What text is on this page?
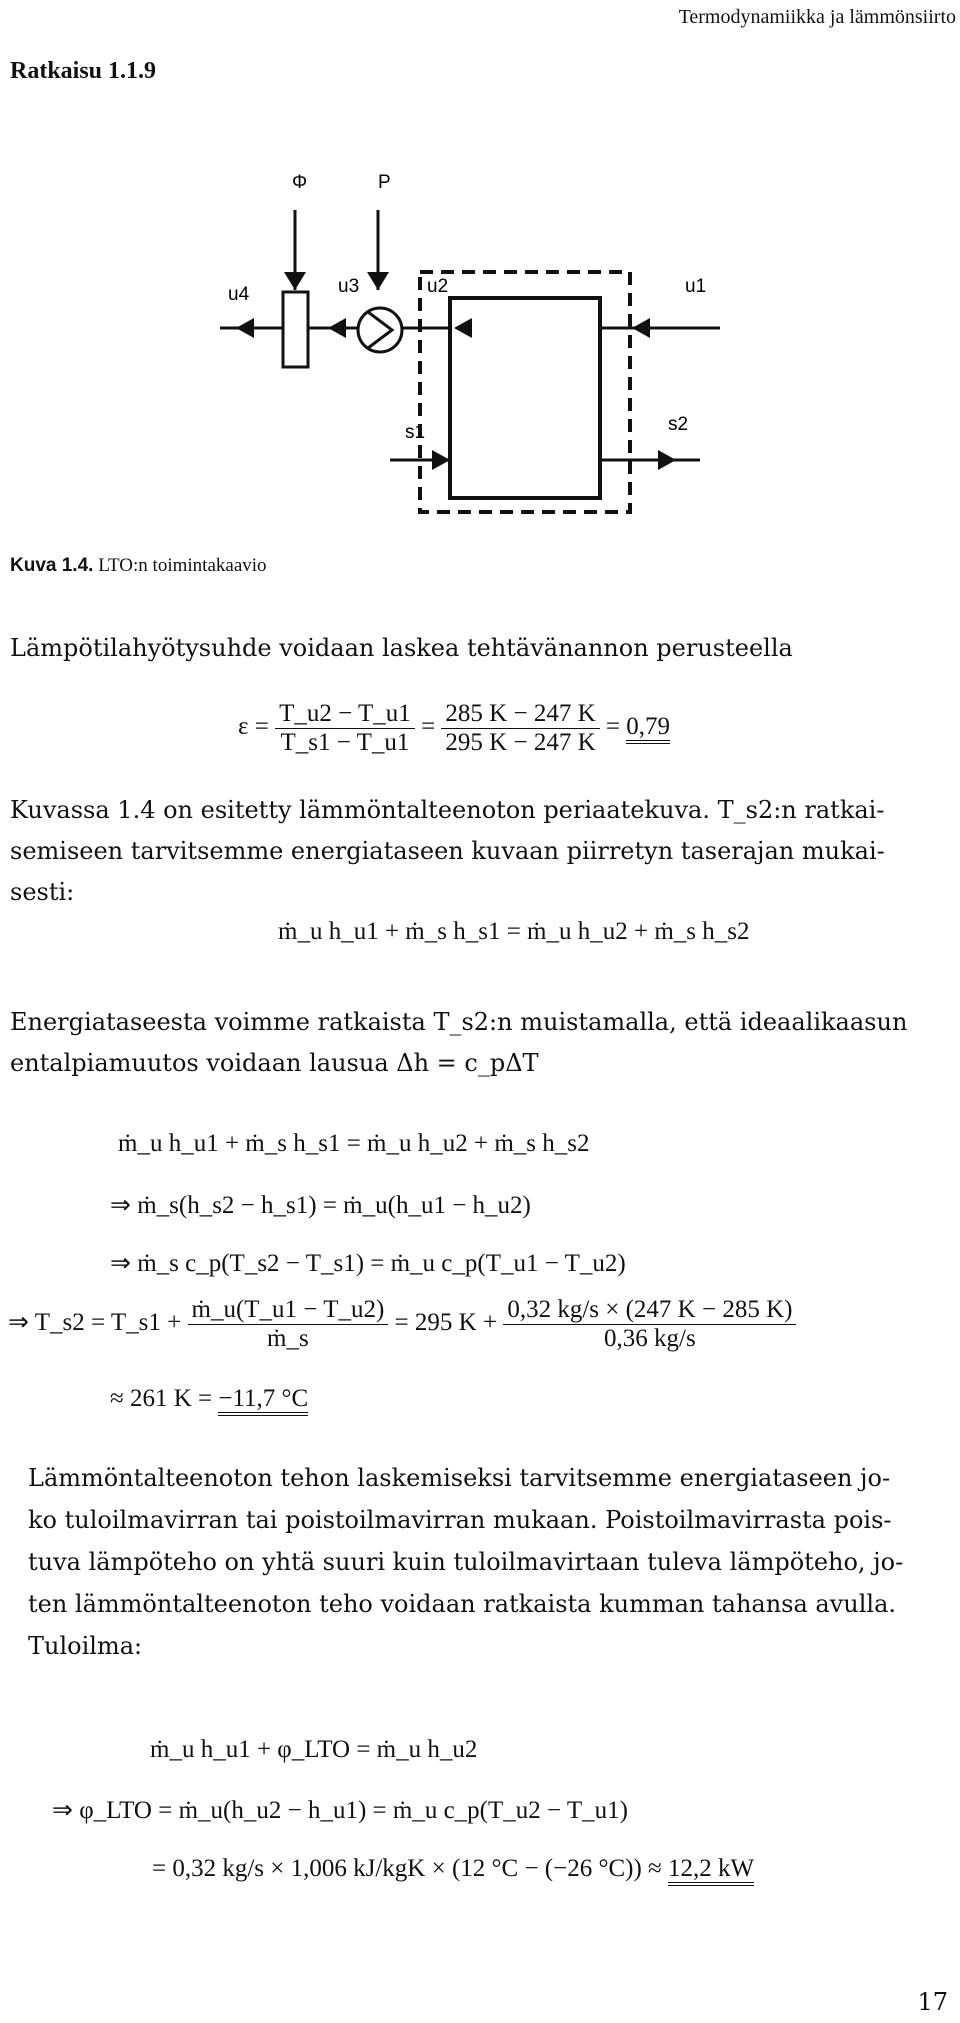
Termodynamiikka ja lämmönsiirto
Ratkaisu 1.1.9
Φ	P
u4	u3	u2	u1
s1	s2
Kuva 1.4. LTO:n toimintakaavio
Lämpötilahyötysuhde voidaan laskea tehtävänannon perusteella
$\varepsilon = \frac{T\_u2 - T\_u1}{T\_s1 - T\_u1} = \frac{285 K - 247 K}{295 K - 247 K} = 0,79$
Kuvassa 1.4 on esitetty lämmöntalteenoton periaatekuva. T_s2:n ratkai-
semiseen tarvitsemme energiataseen kuvaan piirretyn taserajan mukai-
sesti:
ṁ_u h_u1 + ṁ_s h_s1 = ṁ_u h_u2 + ṁ_s h_s2
Energiataseesta voimme ratkaista T_s2:n muistamalla, että ideaalikaasun
entalpiamuutos voidaan lausua Δh = c_pΔT
ṁ_u h_u1 + ṁ_s h_s1 = ṁ_u h_u2 + ṁ_s h_s2
⇒ ṁ_s(h_s2 − h_s1) = ṁ_u(h_u1 − h_u2)
⇒ ṁ_s c_p(T_s2 − T_s1) = ṁ_u c_p(T_u1 − T_u2)
⇒ T_s2 = T_s1 + $\frac{\text{ṁ\_u(T\_u1 − T\_u2)}}{\text{ṁ\_s}} = 295$ $K + \frac{0,32 kg/s \times (247 K - 285 K)}{0,36 kg/s}$
≈ 261 K = −11,7 °C
Lämmöntalteenoton tehon laskemiseksi tarvitsemme energiataseen jo-
ko tuloilmavirran tai poistoilmavirran mukaan. Poistoilmavirrasta pois-
tuva lämpöteho on yhtä suuri kuin tuloilmavirtaan tuleva lämpöteho, jo-
ten lämmöntalteenoton teho voidaan ratkaista kumman tahansa avulla.
Tuloilma:
ṁ_u h_u1 + φ_LTO = ṁ_u h_u2
⇒ φ_LTO = ṁ_u(h_u2 − h_u1) = ṁ_u c_p(T_u2 − T_u1)
= 0,32 kg/s × 1,006 kJ/kgK × (12 °C − (−26 °C)) ≈ 12,2 kW
17
